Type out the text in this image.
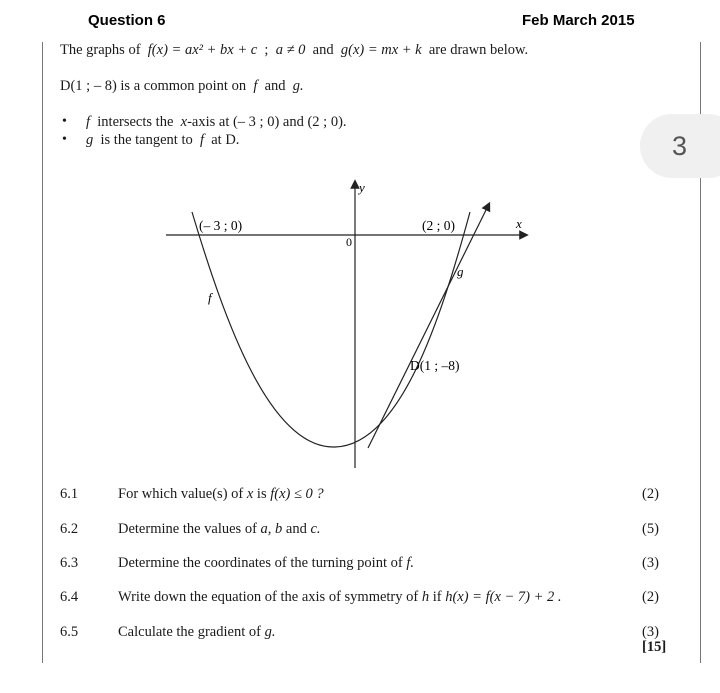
Question 6	Feb March 2015
3
The graphs of f(x) = ax² + bx + c ; a ≠ 0 and g(x) = mx + k are drawn below.
D(1 ; – 8) is a common point on f and g.
• f intersects the x-axis at (– 3 ; 0) and (2 ; 0).
• g is the tangent to f at D.
y
x
0
(– 3 ; 0)	(2 ; 0)
f
g
D(1 ; –8)
6.1	For which value(s) of x is f(x) ≤ 0 ?	(2)
6.2	Determine the values of a, b and c.	(5)
6.3	Determine the coordinates of the turning point of f.	(3)
6.4	Write down the equation of the axis of symmetry of h if h(x) = f(x − 7) + 2 .	(2)
6.5	Calculate the gradient of g.	(3)
[15]
